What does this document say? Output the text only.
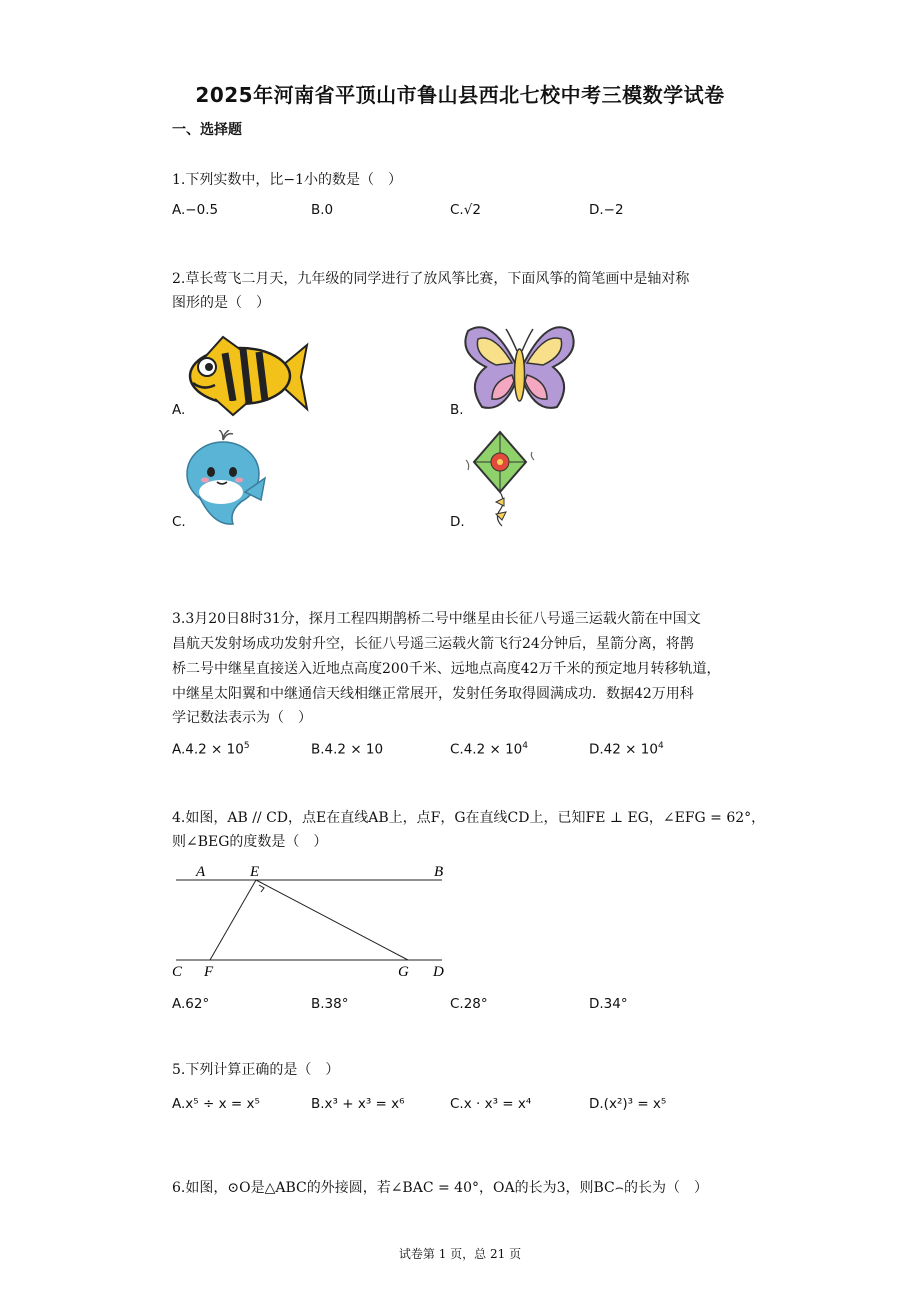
2025年河南省平顶山市鲁山县西北七校中考三模数学试卷
一、选择题
1.下列实数中，比−1小的数是（　）
A.−0.5	B.0	C.√2	D.−2
2.草长莺飞二月天，九年级的同学进行了放风筝比赛，下面风筝的简笔画中是轴对称
图形的是（　）
A.	B.
C.	D.
3.3月20日8时31分，探月工程四期鹊桥二号中继星由长征八号遥三运载火箭在中国文
昌航天发射场成功发射升空，长征八号遥三运载火箭飞行24分钟后，星箭分离，将鹊
桥二号中继星直接送入近地点高度200千米、远地点高度42万千米的预定地月转移轨道，
中继星太阳翼和中继通信天线相继正常展开，发射任务取得圆满成功．数据42万用科
学记数法表示为（　）
$A.4.2 \times 10^5$	B.4.2 × 10	$C.4.2 \times 10^4$	$D.42 \times 10^4$
4.如图，AB // CD，点E在直线AB上，点F，G在直线CD上，已知FE ⊥ EG，∠EFG = 62°，
则∠BEG的度数是（　）
A	E	B
C F	G D
A.62°	B.38°	C.28°	D.34°
5.下列计算正确的是（　）
A.x⁵ ÷ x = x⁵	B.x³ + x³ = x⁶	C.x · x³ = x⁴	D.(x²)³ = x⁵
6.如图，⊙O是△ABC的外接圆，若∠BAC = 40°，OA的长为3，则BC⌢的长为（　）
试卷第 1 页，总 21 页
